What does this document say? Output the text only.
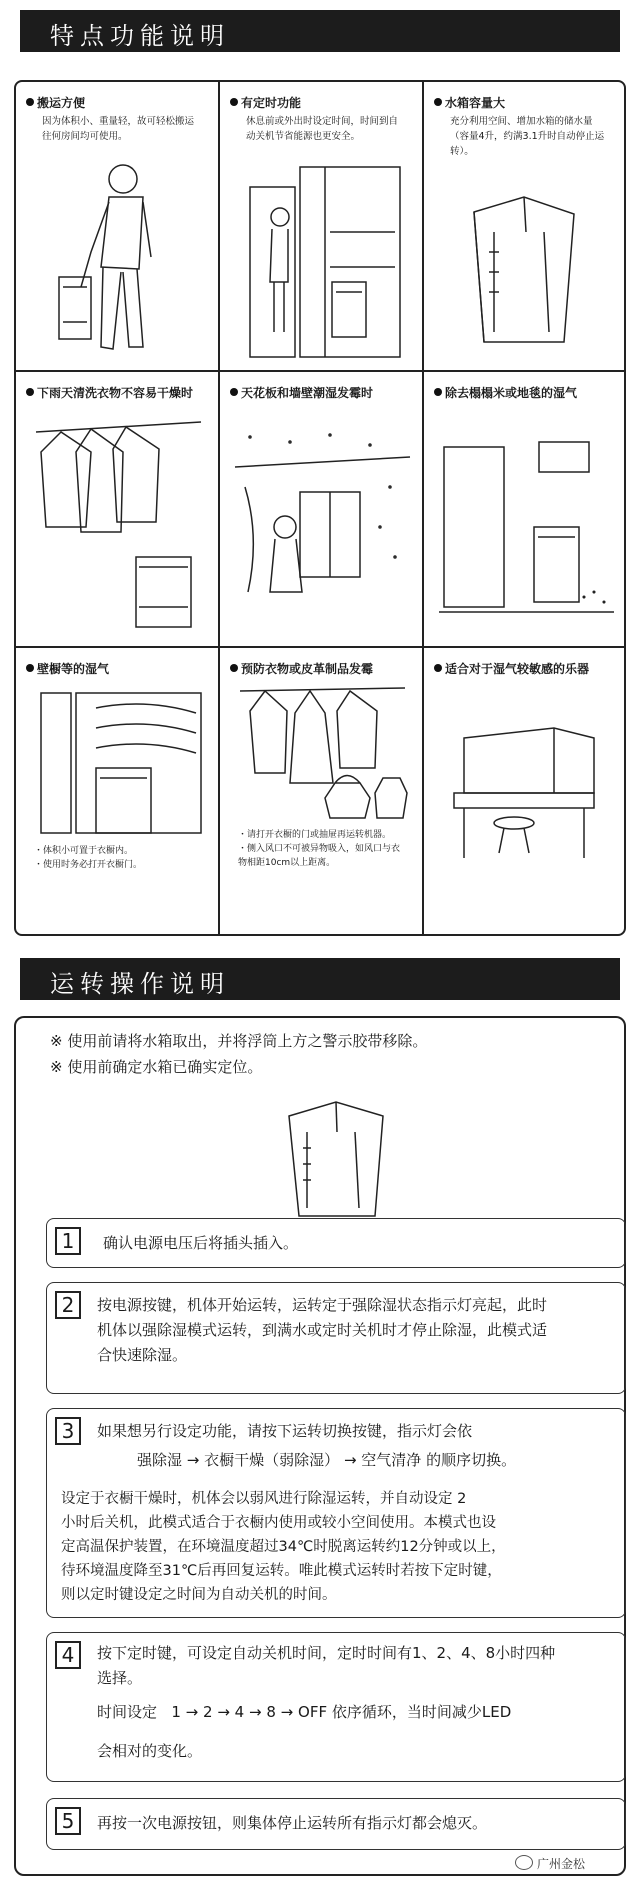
特点功能说明
搬运方便
因为体积小、重量轻，故可轻松搬运往何房间均可使用。
有定时功能
休息前或外出时设定时间，时间到自动关机节省能源也更安全。
水箱容量大
充分利用空间、增加水箱的储水量（容量4升，约满3.1升时自动停止运转）。
下雨天清洗衣物不容易干燥时	天花板和墙壁潮湿发霉时	除去榻榻米或地毯的湿气
壁橱等的湿气
・体积小可置于衣橱内。
・使用时务必打开衣橱门。
预防衣物或皮革制品发霉
・请打开衣橱的门或抽屉再运转机器。
・侧入风口不可被异物吸入，如风口与衣物相距10cm以上距离。
适合对于湿气较敏感的乐器
运转操作说明
※ 使用前请将水箱取出，并将浮筒上方之警示胶带移除。
※ 使用前确定水箱已确实定位。
1	确认电源电压后将插头插入。
2	按电源按键，机体开始运转，运转定于强除湿状态指示灯亮起，此时
机体以强除湿模式运转，到满水或定时关机时才停止除湿，此模式适
合快速除湿。
3	如果想另行设定功能，请按下运转切换按键，指示灯会依
强除湿 → 衣橱干燥（弱除湿） → 空气清净 的顺序切换。
设定于衣橱干燥时，机体会以弱风进行除湿运转，并自动设定 2
小时后关机，此模式适合于衣橱内使用或较小空间使用。本模式也设
定高温保护装置，在环境温度超过34℃时脱离运转约12分钟或以上，
待环境温度降至31℃后再回复运转。唯此模式运转时若按下定时键，
则以定时键设定之时间为自动关机的时间。
4	按下定时键，可设定自动关机时间，定时时间有1、2、4、8小时四种
选择。
时间设定 1 → 2 → 4 → 8 → OFF 依序循环，当时间减少LED
会相对的变化。
5	再按一次电源按钮，则集体停止运转所有指示灯都会熄灭。
广州金松
